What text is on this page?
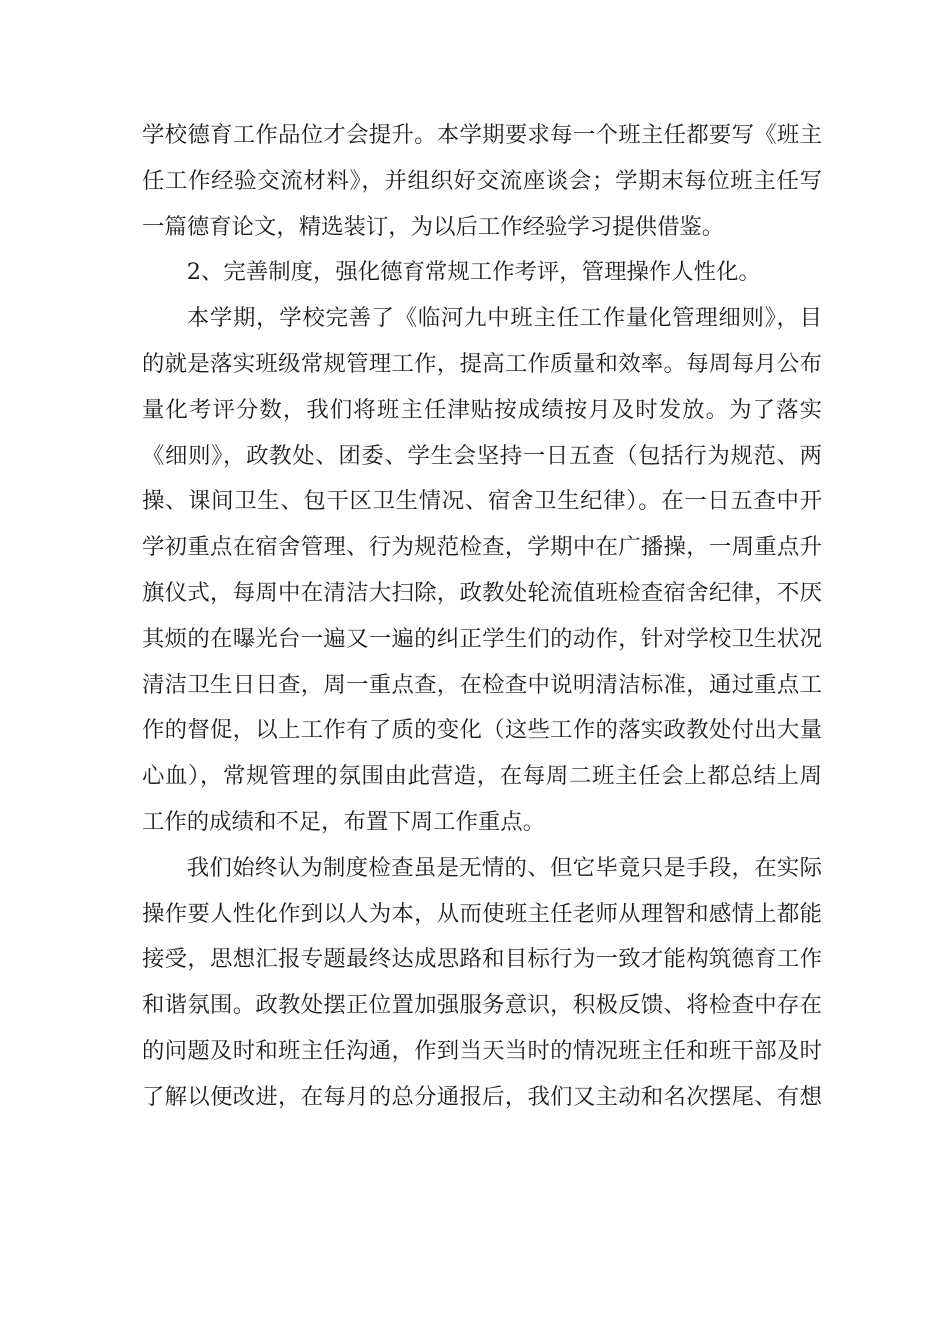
学校德育工作品位才会提升。本学期要求每一个班主任都要写《班主
任工作经验交流材料》，并组织好交流座谈会；学期末每位班主任写
一篇德育论文，精选装订，为以后工作经验学习提供借鉴。
2、完善制度，强化德育常规工作考评，管理操作人性化。
本学期，学校完善了《临河九中班主任工作量化管理细则》，目
的就是落实班级常规管理工作，提高工作质量和效率。每周每月公布
量化考评分数，我们将班主任津贴按成绩按月及时发放。为了落实
《细则》，政教处、团委、学生会坚持一日五查（包括行为规范、两
操、课间卫生、包干区卫生情况、宿舍卫生纪律）。在一日五查中开
学初重点在宿舍管理、行为规范检查，学期中在广播操，一周重点升
旗仪式，每周中在清洁大扫除，政教处轮流值班检查宿舍纪律，不厌
其烦的在曝光台一遍又一遍的纠正学生们的动作，针对学校卫生状况
清洁卫生日日查，周一重点查，在检查中说明清洁标准，通过重点工
作的督促，以上工作有了质的变化（这些工作的落实政教处付出大量
心血），常规管理的氛围由此营造，在每周二班主任会上都总结上周
工作的成绩和不足，布置下周工作重点。
我们始终认为制度检查虽是无情的、但它毕竟只是手段，在实际
操作要人性化作到以人为本，从而使班主任老师从理智和感情上都能
接受，思想汇报专题最终达成思路和目标行为一致才能构筑德育工作
和谐氛围。政教处摆正位置加强服务意识，积极反馈、将检查中存在
的问题及时和班主任沟通，作到当天当时的情况班主任和班干部及时
了解以便改进，在每月的总分通报后，我们又主动和名次摆尾、有想
